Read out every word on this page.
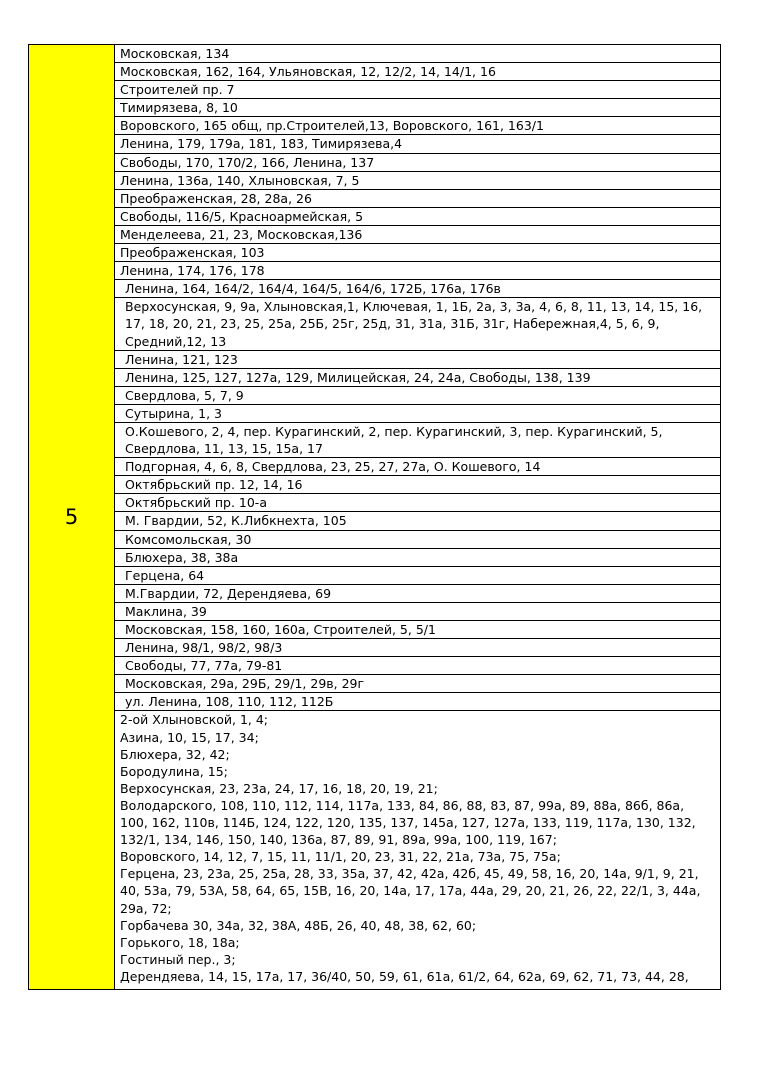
5
Московская, 134
Московская, 162, 164, Ульяновская, 12, 12/2, 14, 14/1, 16
Строителей пр. 7
Тимирязева, 8, 10
Воровского, 165 общ, пр.Строителей,13, Воровского, 161, 163/1
Ленина, 179, 179а, 181, 183, Тимирязева,4
Свободы, 170, 170/2, 166, Ленина, 137
Ленина, 136а, 140, Хлыновская, 7, 5
Преображенская, 28, 28а, 26
Свободы, 116/5, Красноармейская, 5
Менделеева, 21, 23, Московская,136
Преображенская, 103
Ленина, 174, 176, 178
Ленина, 164, 164/2, 164/4, 164/5, 164/6, 172Б, 176а, 176в
Верхосунская, 9, 9а, Хлыновская,1, Ключевая, 1, 1Б, 2а, 3, 3а, 4, 6, 8, 11, 13, 14, 15, 16,
17, 18, 20, 21, 23, 25, 25а, 25Б, 25г, 25д, 31, 31а, 31Б, 31г, Набережная,4, 5, 6, 9,
Средний,12, 13
Ленина, 121, 123
Ленина, 125, 127, 127а, 129, Милицейская, 24, 24а, Свободы, 138, 139
Свердлова, 5, 7, 9
Сутырина, 1, 3
О.Кошевого, 2, 4, пер. Курагинский, 2, пер. Курагинский, 3, пер. Курагинский, 5,
Свердлова, 11, 13, 15, 15а, 17
Подгорная, 4, 6, 8, Свердлова, 23, 25, 27, 27а, О. Кошевого, 14
Октябрьский пр. 12, 14, 16
Октябрьский пр. 10-а
М. Гвардии, 52, К.Либкнехта, 105
Комсомольская, 30
Блюхера, 38, 38а
Герцена, 64
М.Гвардии, 72, Дерендяева, 69
Маклина, 39
Московская, 158, 160, 160а, Строителей, 5, 5/1
Ленина, 98/1, 98/2, 98/3
Свободы, 77, 77а, 79-81
Московская, 29а, 29Б, 29/1, 29в, 29г
ул. Ленина, 108, 110, 112, 112Б
2-ой Хлыновской, 1, 4;
Азина, 10, 15, 17, 34;
Блюхера, 32, 42;
Бородулина, 15;
Верхосунская, 23, 23а, 24, 17, 16, 18, 20, 19, 21;
Володарского, 108, 110, 112, 114, 117а, 133, 84, 86, 88, 83, 87, 99а, 89, 88а, 86б, 86а,
100, 162, 110в, 114Б, 124, 122, 120, 135, 137, 145а, 127, 127а, 133, 119, 117а, 130, 132,
132/1, 134, 146, 150, 140, 136а, 87, 89, 91, 89а, 99а, 100, 119, 167;
Воровского, 14, 12, 7, 15, 11, 11/1, 20, 23, 31, 22, 21а, 73а, 75, 75а;
Герцена, 23, 23а, 25, 25а, 28, 33, 35а, 37, 42, 42а, 42б, 45, 49, 58, 16, 20, 14а, 9/1, 9, 21,
40, 53а, 79, 53А, 58, 64, 65, 15В, 16, 20, 14а, 17, 17а, 44а, 29, 20, 21, 26, 22, 22/1, 3, 44а,
29а, 72;
Горбачева 30, 34а, 32, 38А, 48Б, 26, 40, 48, 38, 62, 60;
Горького, 18, 18а;
Гостиный пер., 3;
Дерендяева, 14, 15, 17а, 17, 36/40, 50, 59, 61, 61а, 61/2, 64, 62а, 69, 62, 71, 73, 44, 28,
